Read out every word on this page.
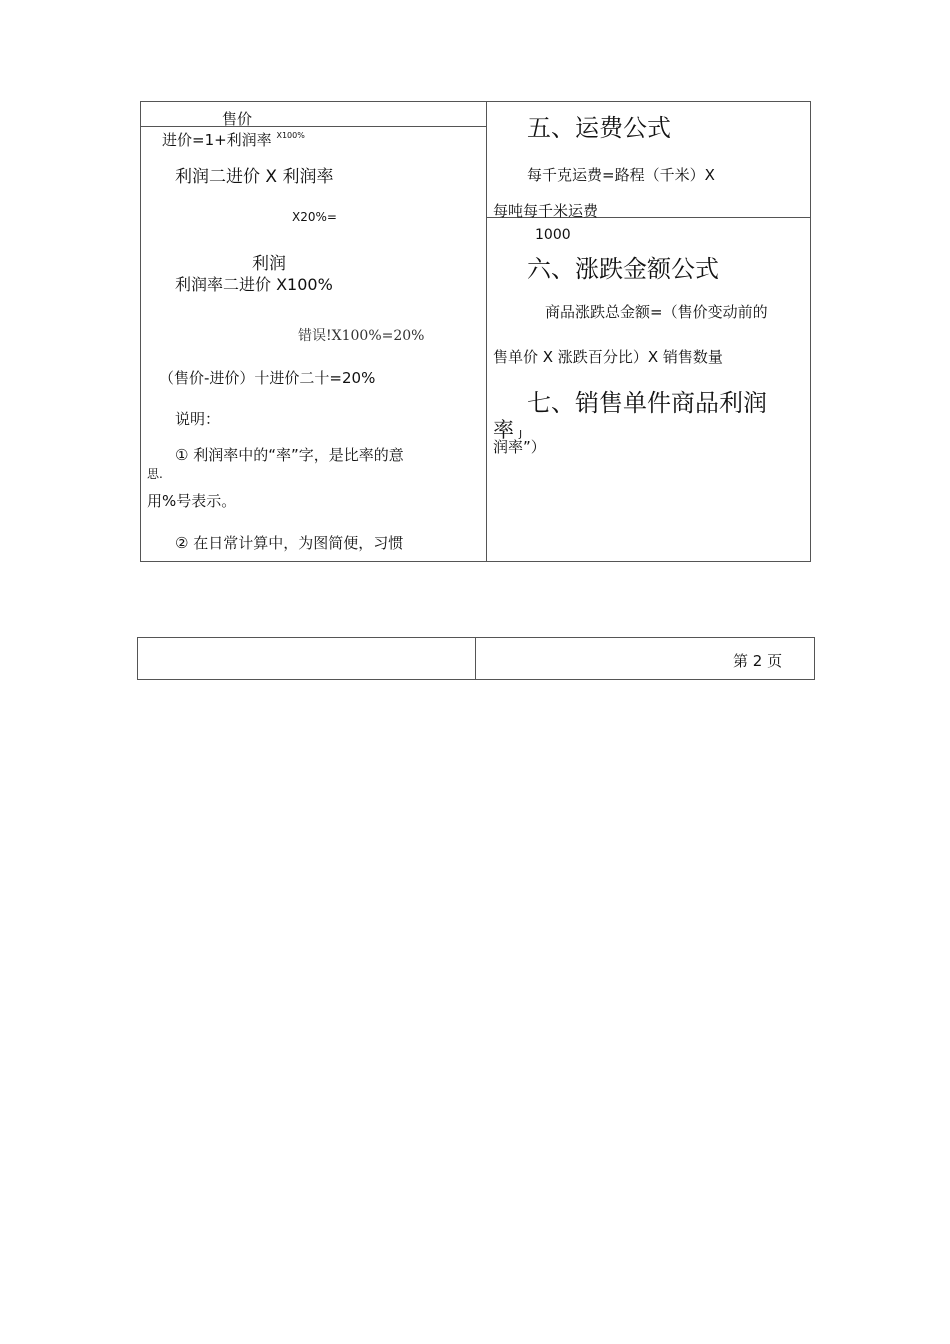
售价
进价=1+利润率 $^{X100\%}$
利润二进价 X 利润率
X20%=
利润
利润率二进价 X100%
错误!X100%=20%
（售价-进价）十进价二十=20%
说明：
① 利润率中的“率”字，是比率的意
思.
用%号表示。
② 在日常计算中，为图简便，习惯
五、运费公式
每千克运费=路程（千米）X
每吨每千米运费
1000
六、涨跌金额公式
商品涨跌总金额=（售价变动前的
售单价 X 涨跌百分比）X 销售数量
七、销售单件商品利润
率 J
润率”）
第 2 页
